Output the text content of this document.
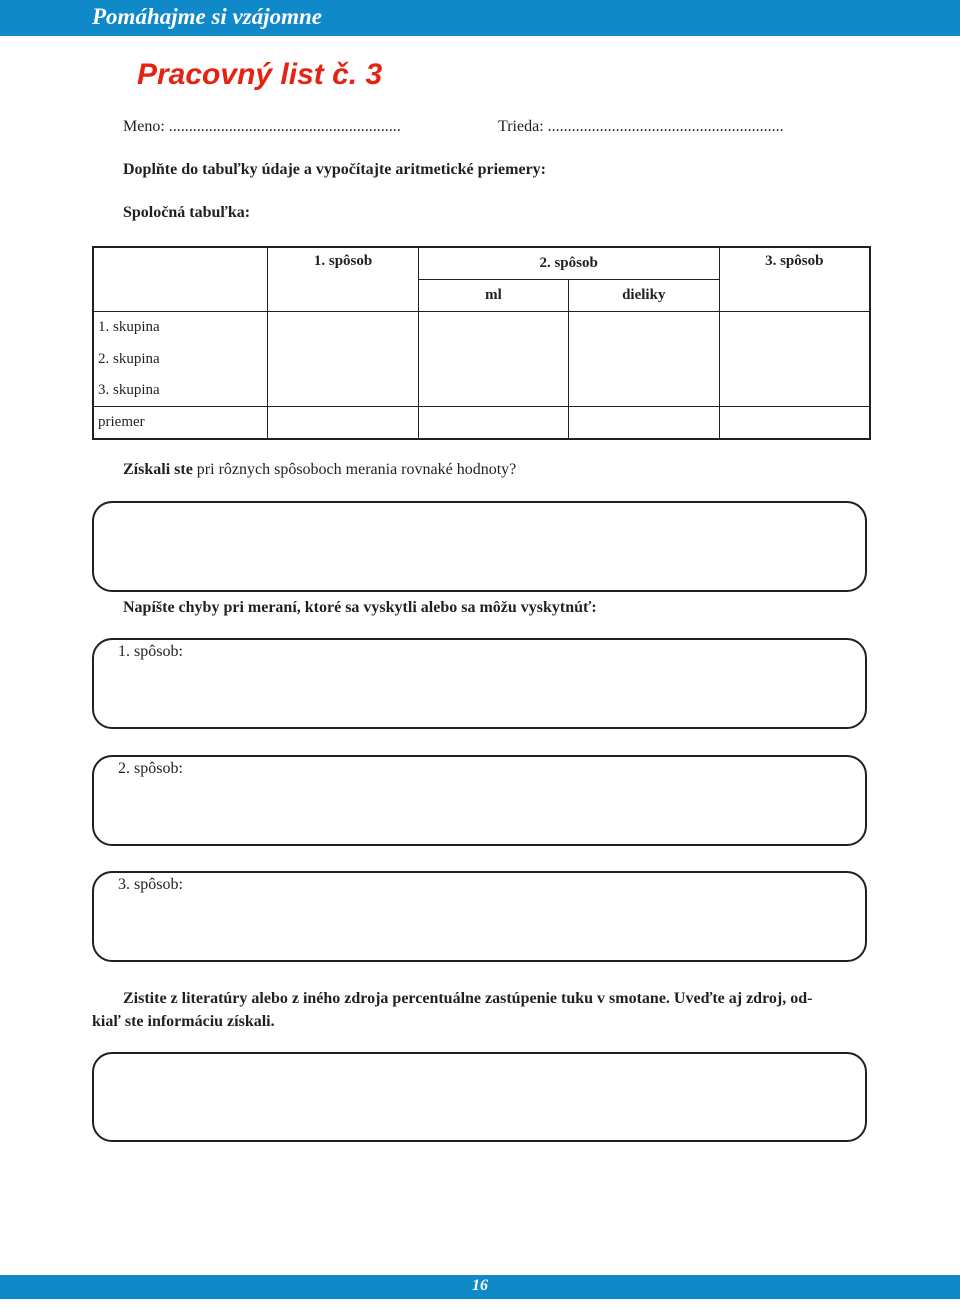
Pomáhajme si vzájomne
Pracovný list č. 3
Meno: ..........................................................	Trieda: ...........................................................
Doplňte do tabuľky údaje a vypočítajte aritmetické priemery:
Spoločná tabuľka:
	1. spôsob	2. spôsob		3. spôsob
		ml	dieliky	
1. skupina				
2. skupina				
3. skupina				
priemer				
Získali ste pri rôznych spôsoboch merania rovnaké hodnoty?
Napíšte chyby pri meraní, ktoré sa vyskytli alebo sa môžu vyskytnúť:
1. spôsob:
2. spôsob:
3. spôsob:
Zistite z literatúry alebo z iného zdroja percentuálne zastúpenie tuku v smotane. Uveďte aj zdroj, od-
kiaľ ste informáciu získali.
16
